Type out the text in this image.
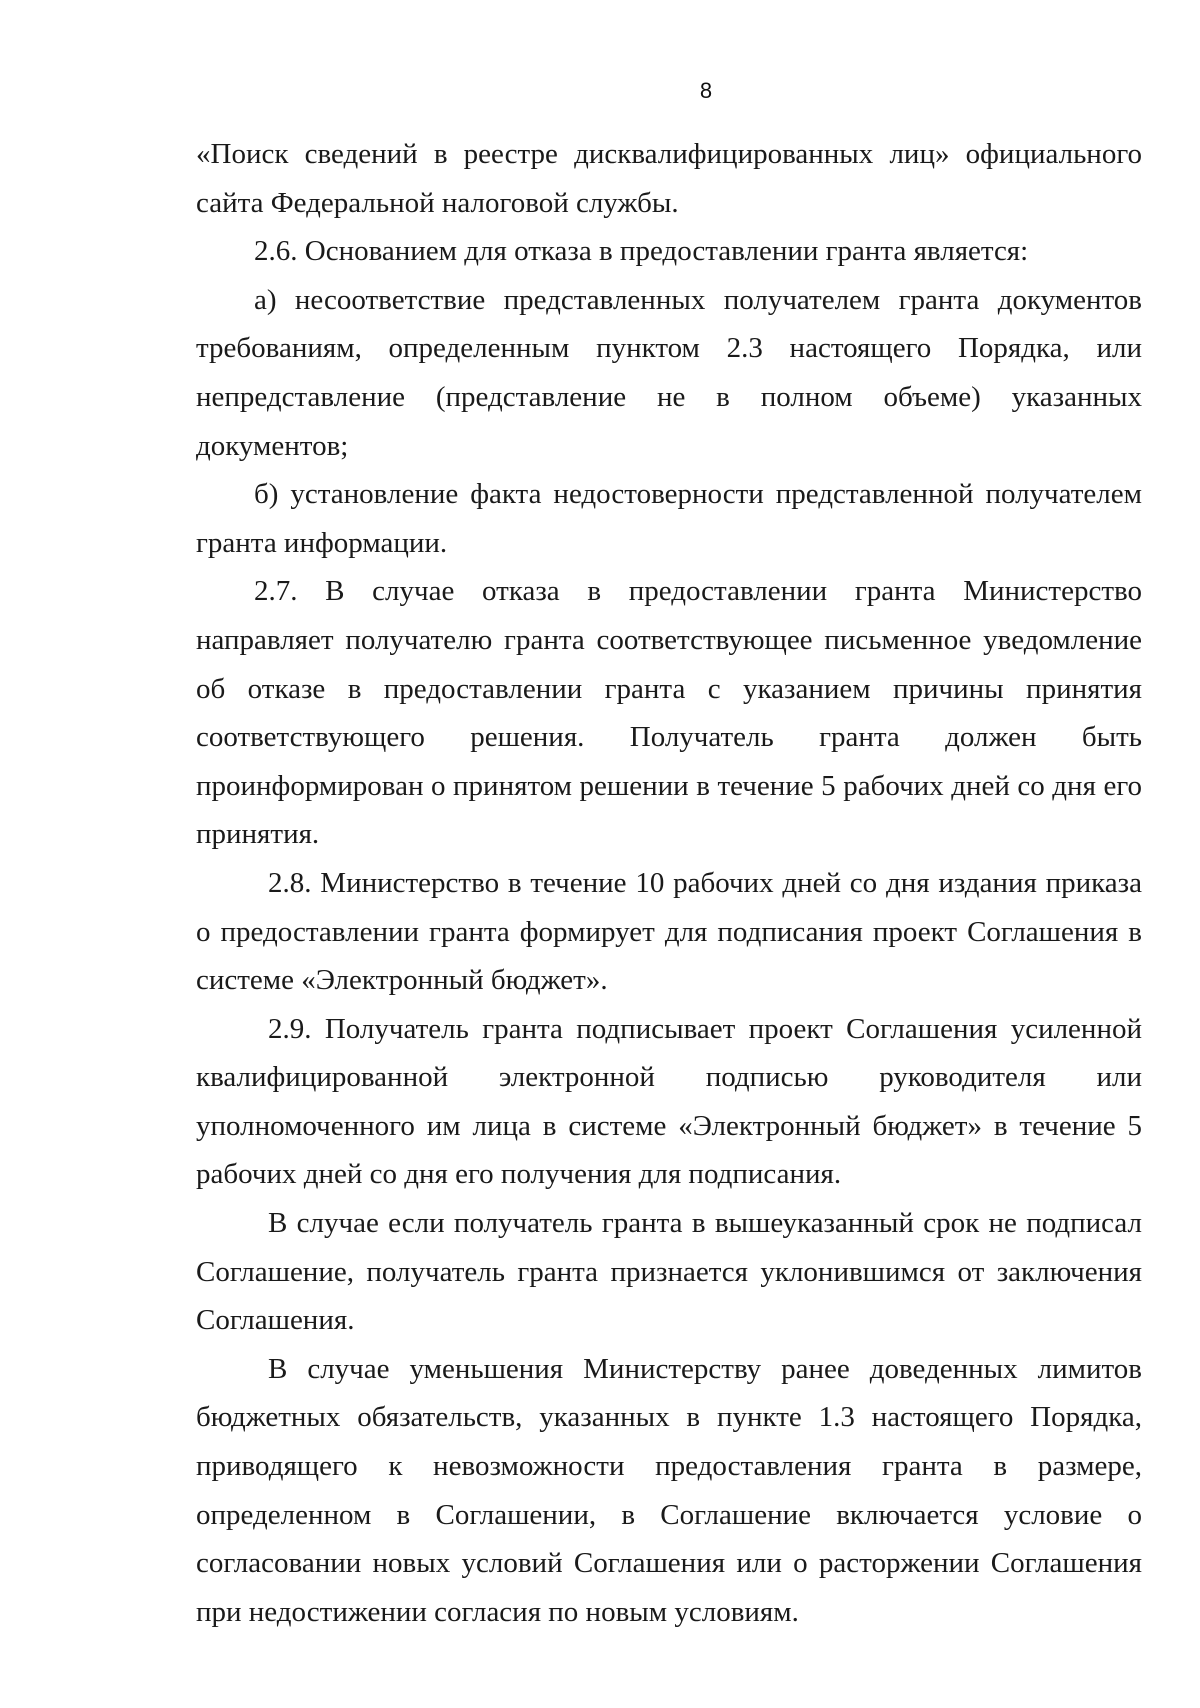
8

«Поиск сведений в реестре дисквалифицированных лиц» официального сайта Федеральной налоговой службы.

2.6. Основанием для отказа в предоставлении гранта является:

а) несоответствие представленных получателем гранта документов требованиям, определенным пунктом 2.3 настоящего Порядка, или непредставление (представление не в полном объеме) указанных документов;

б) установление факта недостоверности представленной получателем гранта информации.

2.7. В случае отказа в предоставлении гранта Министерство направляет получателю гранта соответствующее письменное уведомление об отказе в предоставлении гранта с указанием причины принятия соответствующего решения. Получатель гранта должен быть проинформирован о принятом решении в течение 5 рабочих дней со дня его принятия.

2.8. Министерство в течение 10 рабочих дней со дня издания приказа о предоставлении гранта формирует для подписания проект Соглашения в системе «Электронный бюджет».

2.9. Получатель гранта подписывает проект Соглашения усиленной квалифицированной электронной подписью руководителя или уполномоченного им лица в системе «Электронный бюджет» в течение 5 рабочих дней со дня его получения для подписания.

В случае если получатель гранта в вышеуказанный срок не подписал Соглашение, получатель гранта признается уклонившимся от заключения Соглашения.

В случае уменьшения Министерству ранее доведенных лимитов бюджетных обязательств, указанных в пункте 1.3 настоящего Порядка, приводящего к невозможности предоставления гранта в размере, определенном в Соглашении, в Соглашение включается условие о согласовании новых условий Соглашения или о расторжении Соглашения при недостижении согласия по новым условиям.
